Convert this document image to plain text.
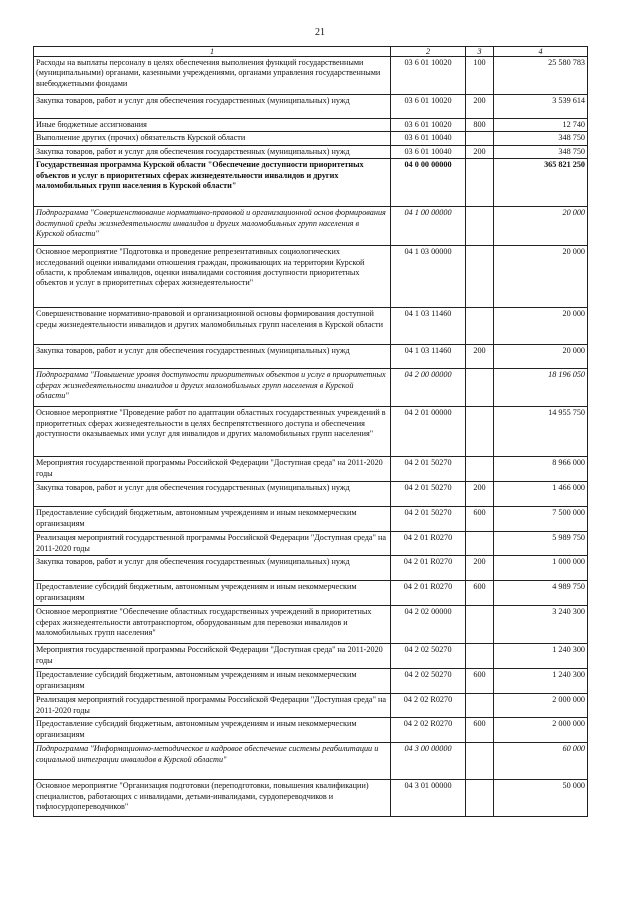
21
1	2	3	4
Расходы на выплаты персоналу в целях обеспечения выполнения функций государственными (муниципальными) органами, казенными учреждениями, органами управления государственными внебюджетными фондами	03 6 01 10020	100	25 580 783
Закупка товаров, работ и услуг для обеспечения государственных (муниципальных) нужд	03 6 01 10020	200	3 539 614
Иные бюджетные ассигнования	03 6 01 10020	800	12 740
Выполнение других (прочих) обязательств Курской области	03 6 01 10040		348 750
Закупка товаров, работ и услуг для обеспечения государственных (муниципальных) нужд	03 6 01 10040	200	348 750
Государственная программа Курской области "Обеспечение доступности приоритетных объектов и услуг в приоритетных сферах жизнедеятельности инвалидов и других маломобильных групп населения в Курской области"	04 0 00 00000		365 821 250
Подпрограмма "Совершенствование нормативно-правовой и организационной основ формирования доступной среды жизнедеятельности инвалидов и других маломобильных групп населения в Курской области"	04 1 00 00000		20 000
Основное мероприятие "Подготовка и проведение репрезентативных социологических исследований оценки инвалидами отношения граждан, проживающих на территории Курской области, к проблемам инвалидов, оценки инвалидами состояния доступности приоритетных объектов и услуг в приоритетных сферах жизнедеятельности"	04 1 03 00000		20 000
Совершенствование нормативно-правовой и организационной основы формирования доступной среды жизнедеятельности инвалидов и других маломобильных групп населения в Курской области	04 1 03 11460		20 000
Закупка товаров, работ и услуг для обеспечения государственных (муниципальных) нужд	04 1 03 11460	200	20 000
Подпрограмма "Повышение уровня доступности приоритетных объектов и услуг в приоритетных сферах жизнедеятельности инвалидов и других маломобильных групп населения в Курской области"	04 2 00 00000		18 196 050
Основное мероприятие "Проведение работ по адаптации областных государственных учреждений в приоритетных сферах жизнедеятельности в целях беспрепятственного доступа и обеспечения доступности оказываемых ими услуг для инвалидов и других маломобильных групп населения"	04 2 01 00000		14 955 750
Мероприятия государственной программы Российской Федерации "Доступная среда" на 2011-2020 годы	04 2 01 50270		8 966 000
Закупка товаров, работ и услуг для обеспечения государственных (муниципальных) нужд	04 2 01 50270	200	1 466 000
Предоставление субсидий бюджетным, автономным учреждениям и иным некоммерческим организациям	04 2 01 50270	600	7 500 000
Реализация мероприятий государственной программы Российской Федерации "Доступная среда" на 2011-2020 годы	04 2 01 R0270		5 989 750
Закупка товаров, работ и услуг для обеспечения государственных (муниципальных) нужд	04 2 01 R0270	200	1 000 000
Предоставление субсидий бюджетным, автономным учреждениям и иным некоммерческим организациям	04 2 01 R0270	600	4 989 750
Основное мероприятие "Обеспечение областных государственных учреждений в приоритетных сферах жизнедеятельности автотранспортом, оборудованным для перевозки инвалидов и маломобильных групп населения"	04 2 02 00000		3 240 300
Мероприятия государственной программы Российской Федерации "Доступная среда" на 2011-2020 годы	04 2 02 50270		1 240 300
Предоставление субсидий бюджетным, автономным учреждениям и иным некоммерческим организациям	04 2 02 50270	600	1 240 300
Реализация мероприятий государственной программы Российской Федерации "Доступная среда" на 2011-2020 годы	04 2 02 R0270		2 000 000
Предоставление субсидий бюджетным, автономным учреждениям и иным некоммерческим организациям	04 2 02 R0270	600	2 000 000
Подпрограмма "Информационно-методическое и кадровое обеспечение системы реабилитации и социальной интеграции инвалидов в Курской области"	04 3 00 00000		60 000
Основное мероприятие "Организация подготовки (переподготовки, повышения квалификации) специалистов, работающих с инвалидами, детьми-инвалидами, сурдопереводчиков и тифлосурдопереводчиков"	04 3 01 00000		50 000
